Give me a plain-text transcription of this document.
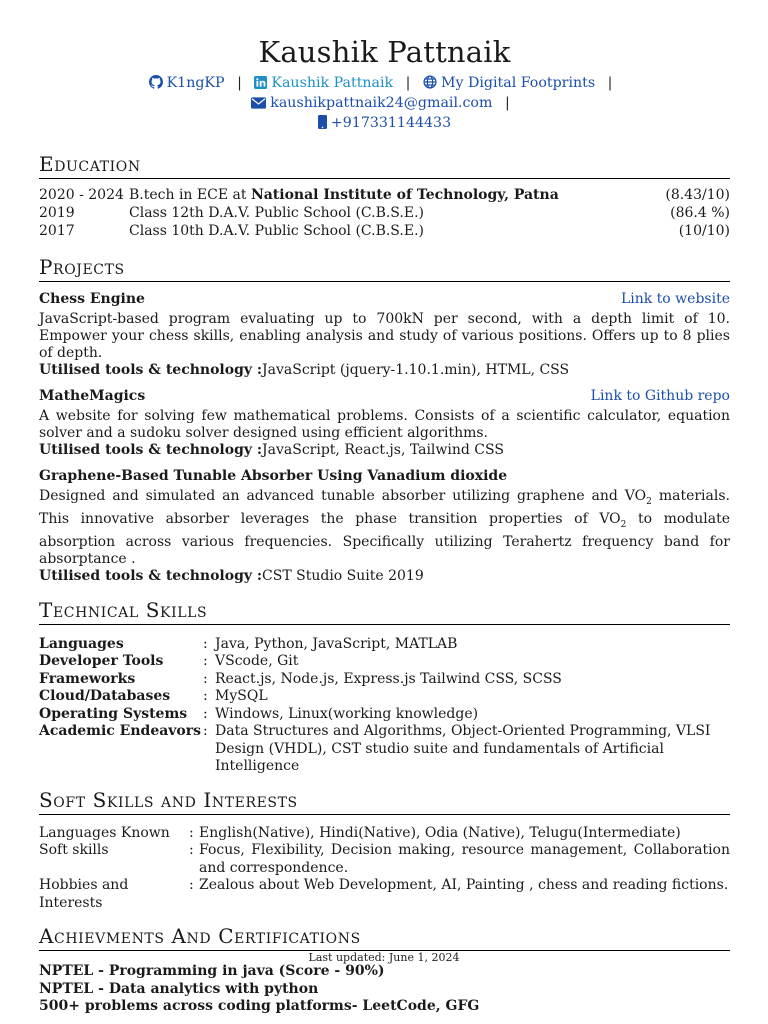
Kaushik Pattnaik
K1ngKP | Kaushik Pattnaik | My Digital Footprints | kaushikpattnaik24@gmail.com |
+917331144433
Education
2020 - 2024 B.tech in ECE at National Institute of Technology, Patna	(8.43/10)
2019	Class 12th D.A.V. Public School (C.B.S.E.)	(86.4 %)
2017	Class 10th D.A.V. Public School (C.B.S.E.)	(10/10)
Projects
Chess Engine	Link to website
JavaScript-based program evaluating up to 700kN per second, with a depth limit of 10. Empower your chess skills, enabling analysis and study of various positions. Offers up to 8 plies of depth.
Utilised tools & technology :JavaScript (jquery-1.10.1.min), HTML, CSS
MatheMagics	Link to Github repo
A website for solving few mathematical problems. Consists of a scientific calculator, equation solver and a sudoku solver designed using efficient algorithms.
Utilised tools & technology :JavaScript, React.js, Tailwind CSS
Graphene-Based Tunable Absorber Using Vanadium dioxide
Designed and simulated an advanced tunable absorber utilizing graphene and $VO_2$ materials. This innovative absorber leverages the phase transition properties of $VO_2$ to modulate absorption across various frequencies. Specifically utilizing Terahertz frequency band for absorptance .
Utilised tools & technology :CST Studio Suite 2019
Technical Skills
Languages	: Java, Python, JavaScript, MATLAB
Developer Tools	: VScode, Git
Frameworks	: React.js, Node.js, Express.js Tailwind CSS, SCSS
Cloud/Databases	: MySQL
Operating Systems	: Windows, Linux(working knowledge)
Academic Endeavors : Data Structures and Algorithms, Object-Oriented Programming, VLSI Design (VHDL), CST studio suite and fundamentals of Artificial Intelligence
Soft Skills and Interests
Languages Known	: English(Native), Hindi(Native), Odia (Native), Telugu(Intermediate)
Soft skills	: Focus, Flexibility, Decision making, resource management, Collaboration and correspondence.
Hobbies and Interests
: Zealous about Web Development, AI, Painting , chess and reading fictions.
Achievments And Certifications
NPTEL - Programming in java (Score - 90%)
NPTEL - Data analytics with python
500+ problems across coding platforms- LeetCode, GFG
Last updated: June 1, 2024
